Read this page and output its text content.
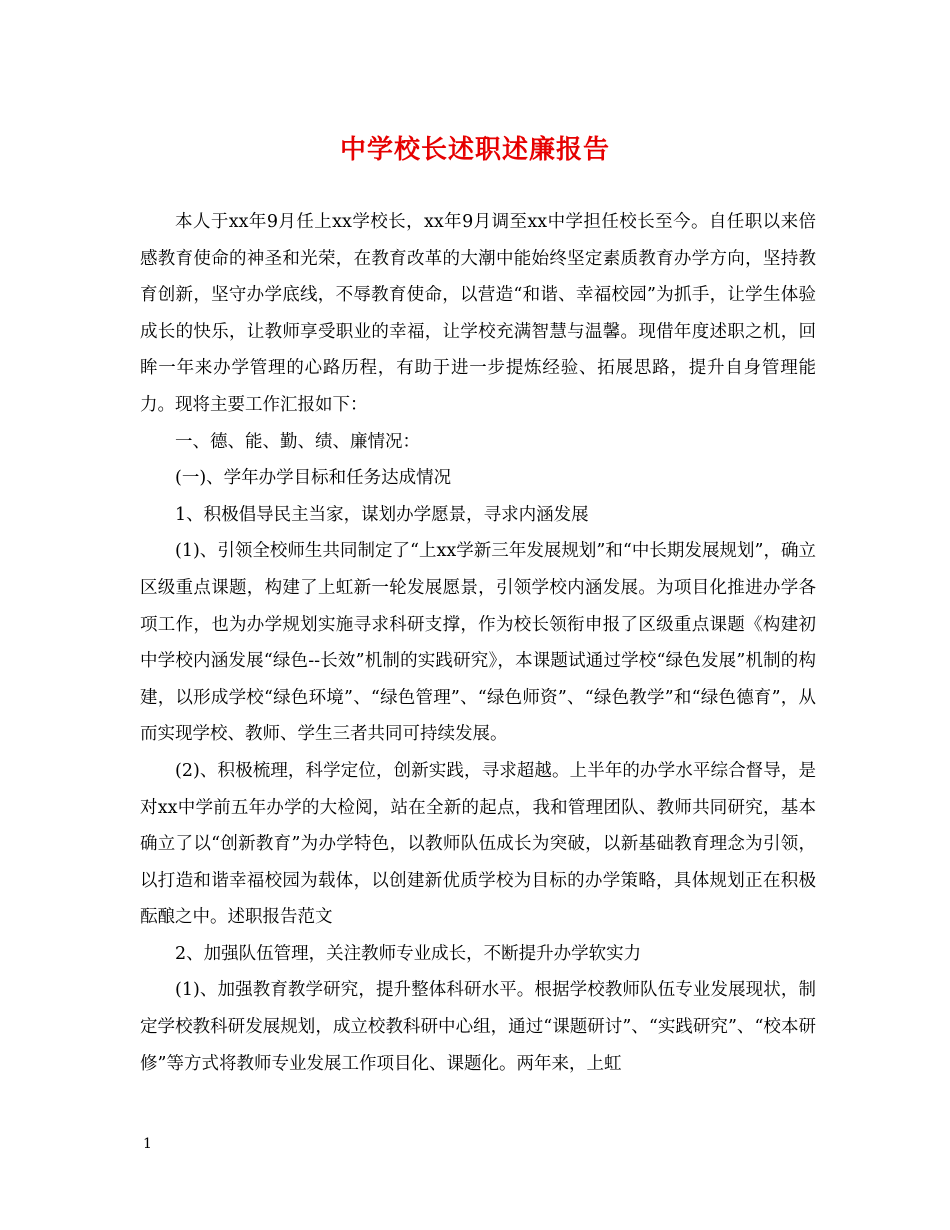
中学校长述职述廉报告

本人于xx年9月任上xx学校长，xx年9月调至xx中学担任校长至今。自任职以来倍感教育使命的神圣和光荣，在教育改革的大潮中能始终坚定素质教育办学方向，坚持教育创新，坚守办学底线，不辱教育使命，以营造“和谐、幸福校园”为抓手，让学生体验成长的快乐，让教师享受职业的幸福，让学校充满智慧与温馨。现借年度述职之机，回眸一年来办学管理的心路历程，有助于进一步提炼经验、拓展思路，提升自身管理能力。现将主要工作汇报如下：

一、德、能、勤、绩、廉情况：

(一)、学年办学目标和任务达成情况

1、积极倡导民主当家，谋划办学愿景，寻求内涵发展

(1)、引领全校师生共同制定了“上xx学新三年发展规划”和“中长期发展规划”，确立区级重点课题，构建了上虹新一轮发展愿景，引领学校内涵发展。为项目化推进办学各项工作，也为办学规划实施寻求科研支撑，作为校长领衔申报了区级重点课题《构建初中学校内涵发展“绿色--长效”机制的实践研究》，本课题试通过学校“绿色发展”机制的构建，以形成学校“绿色环境”、“绿色管理”、“绿色师资”、“绿色教学”和“绿色德育”，从而实现学校、教师、学生三者共同可持续发展。

(2)、积极梳理，科学定位，创新实践，寻求超越。上半年的办学水平综合督导，是对xx中学前五年办学的大检阅，站在全新的起点，我和管理团队、教师共同研究，基本确立了以“创新教育”为办学特色，以教师队伍成长为突破，以新基础教育理念为引领，以打造和谐幸福校园为载体，以创建新优质学校为目标的办学策略，具体规划正在积极酝酿之中。述职报告范文

2、加强队伍管理，关注教师专业成长，不断提升办学软实力

(1)、加强教育教学研究，提升整体科研水平。根据学校教师队伍专业发展现状，制定学校教科研发展规划，成立校教科研中心组，通过“课题研讨”、“实践研究”、“校本研修”等方式将教师专业发展工作项目化、课题化。两年来，上虹

1
